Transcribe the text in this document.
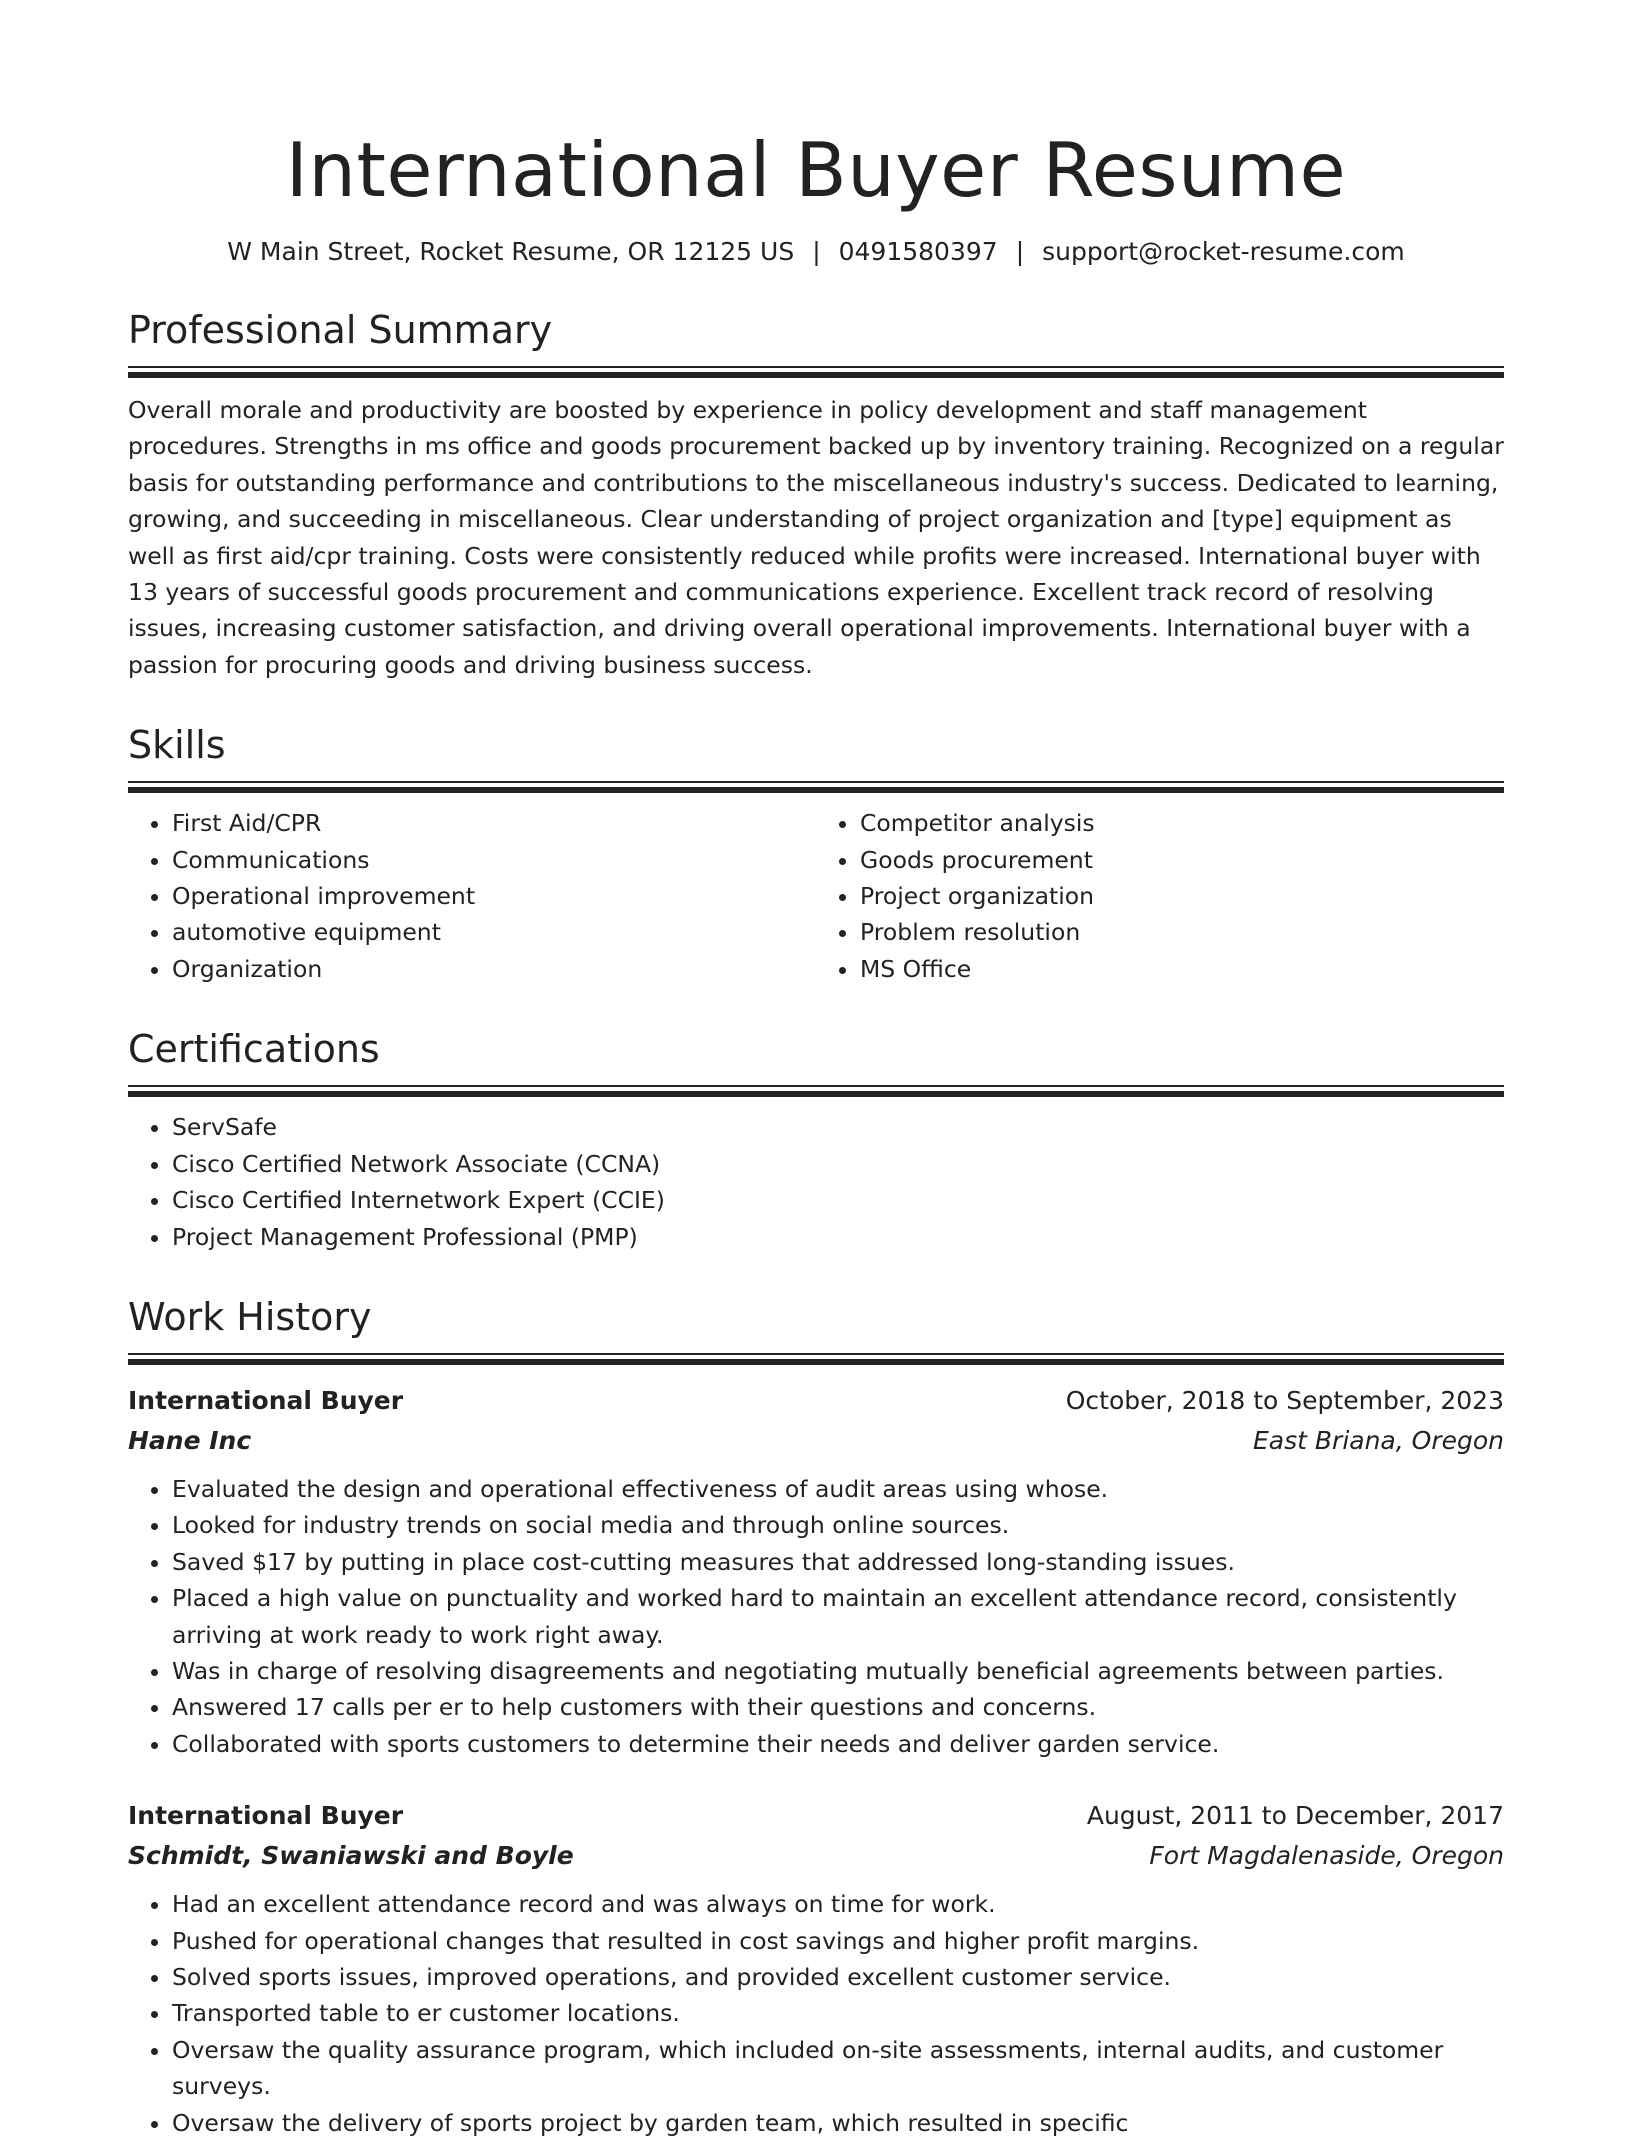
International Buyer Resume
W Main Street, Rocket Resume, OR 12125 US | 0491580397 | support@rocket-resume.com
Professional Summary

Overall morale and productivity are boosted by experience in policy development and staff management procedures. Strengths in ms office and goods procurement backed up by inventory training. Recognized on a regular basis for outstanding performance and contributions to the miscellaneous industry's success. Dedicated to learning, growing, and succeeding in miscellaneous. Clear understanding of project organization and [type] equipment as well as first aid/cpr training. Costs were consistently reduced while profits were increased. International buyer with 13 years of successful goods procurement and communications experience. Excellent track record of resolving issues, increasing customer satisfaction, and driving overall operational improvements. International buyer with a passion for procuring goods and driving business success.

Skills
• First Aid/CPR
• Communications
• Operational improvement
• automotive equipment
• Organization
• Competitor analysis
• Goods procurement
• Project organization
• Problem resolution
• MS Office
Certifications
• ServSafe
• Cisco Certified Network Associate (CCNA)
• Cisco Certified Internetwork Expert (CCIE)
• Project Management Professional (PMP)
Work History
International Buyer	October, 2018 to September, 2023
Hane Inc	East Briana, Oregon
• Evaluated the design and operational effectiveness of audit areas using whose.
• Looked for industry trends on social media and through online sources.
• Saved $17 by putting in place cost-cutting measures that addressed long-standing issues.
• Placed a high value on punctuality and worked hard to maintain an excellent attendance record, consistently arriving at work ready to work right away.
• Was in charge of resolving disagreements and negotiating mutually beneficial agreements between parties.
• Answered 17 calls per er to help customers with their questions and concerns.
• Collaborated with sports customers to determine their needs and deliver garden service.
International Buyer	August, 2011 to December, 2017
Schmidt, Swaniawski and Boyle	Fort Magdalenaside, Oregon
• Had an excellent attendance record and was always on time for work.
• Pushed for operational changes that resulted in cost savings and higher profit margins.
• Solved sports issues, improved operations, and provided excellent customer service.
• Transported table to er customer locations.
• Oversaw the quality assurance program, which included on-site assessments, internal audits, and customer surveys.
• Oversaw the delivery of sports project by garden team, which resulted in specific
